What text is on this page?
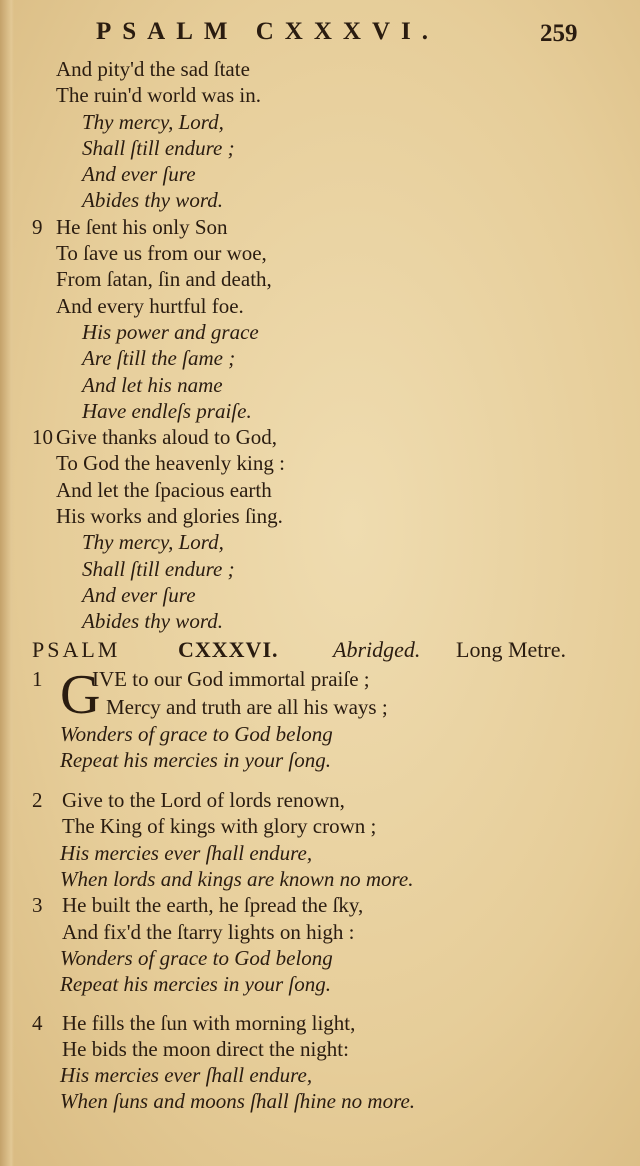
PSALM CXXXVI.	259
And pity'd the sad ſtate
The ruin'd world was in.
Thy mercy, Lord,
Shall ſtill endure ;
And ever ſure
Abides thy word.
9 He ſent his only Son
To ſave us from our woe,
From ſatan, ſin and death,
And every hurtful foe.
His power and grace
Are ſtill the ſame ;
And let his name
Have endleſs praiſe.
10 Give thanks aloud to God,
To God the heavenly king :
And let the ſpacious earth
His works and glories ſing.
Thy mercy, Lord,
Shall ſtill endure ;
And ever ſure
Abides thy word.
PSALM	CXXXVI. Abridged. Long Metre.
1 G
IVE to our God immortal praiſe ;
Mercy and truth are all his ways ;
Wonders of grace to God belong
Repeat his mercies in your ſong.
2 Give to the Lord of lords renown,
The King of kings with glory crown ;
His mercies ever ſhall endure,
When lords and kings are known no more.
3 He built the earth, he ſpread the ſky,
And fix'd the ſtarry lights on high :
Wonders of grace to God belong
Repeat his mercies in your ſong.
4 He fills the ſun with morning light,
He bids the moon direct the night:
His mercies ever ſhall endure,
When ſuns and moons ſhall ſhine no more.
